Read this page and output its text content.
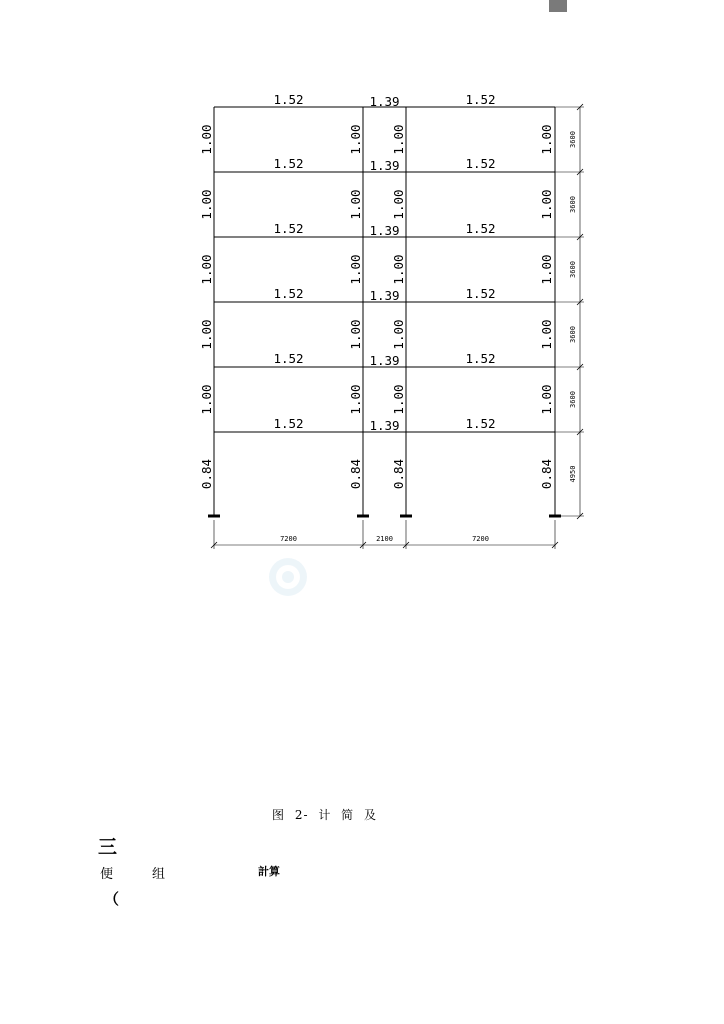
1.52	1.39	1.52
1.52	1.39	1.52
1.52	1.39	1.52
1.52	1.39	1.52
1.52	1.39	1.52
1.52	1.39	1.52
1.00	1.00 1.00	1.00
1.00	1.00 1.00	1.00
1.00	1.00 1.00	1.00
1.00	1.00 1.00	1.00
1.00	1.00 1.00	1.00
0.84	0.84 0.84	0.84
3600
3600
3600
3600
3600
4950
7200	2100	7200
图 2- 计 简 及
三
便	组	計算
（
